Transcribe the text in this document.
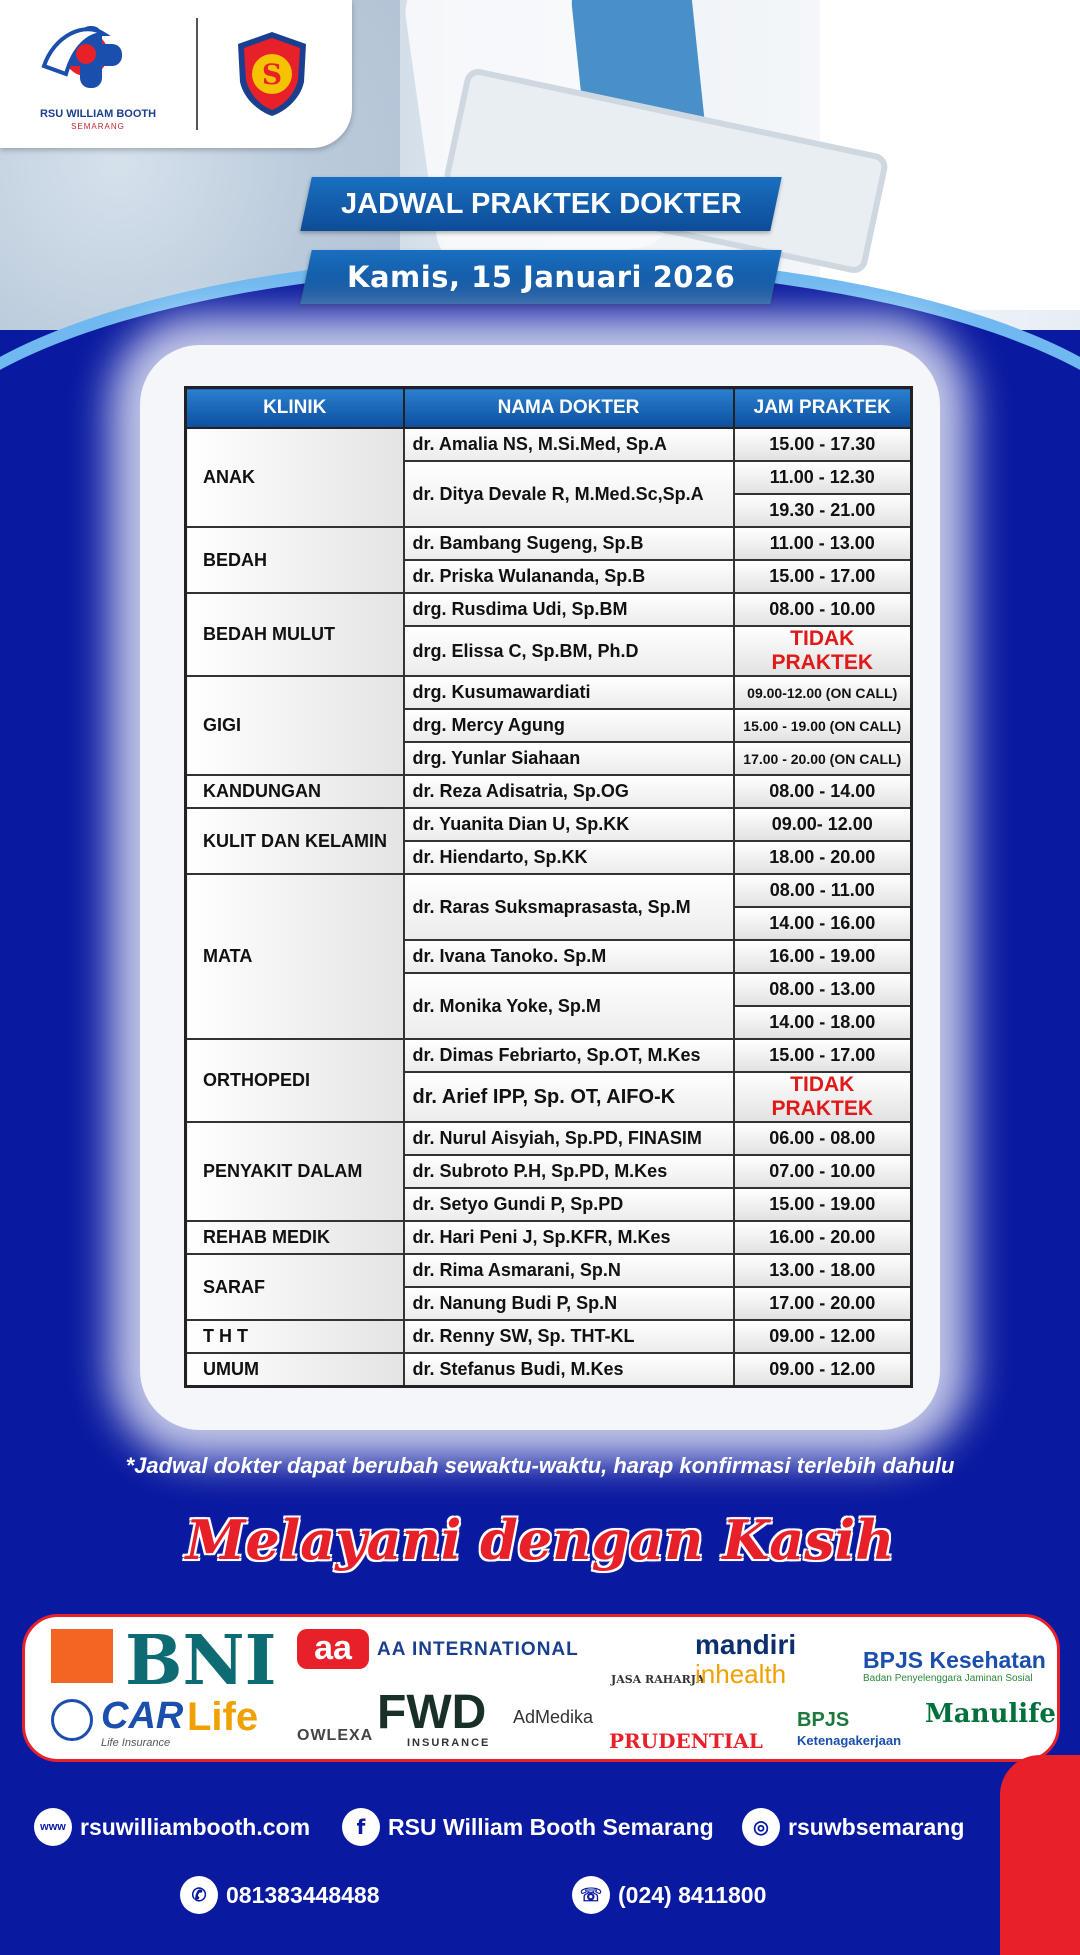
RSU WILLIAM BOOTH
SEMARANG
S
JADWAL PRAKTEK DOKTER
Kamis, 15 Januari 2026
KLINIK	NAMA DOKTER	JAM PRAKTEK
ANAK	dr. Amalia NS, M.Si.Med, Sp.A	15.00 - 17.30
	dr. Ditya Devale R, M.Med.Sc,Sp.A	11.00 - 12.30
		19.30 - 21.00
BEDAH	dr. Bambang Sugeng, Sp.B	11.00 - 13.00
	dr. Priska Wulananda, Sp.B	15.00 - 17.00
BEDAH MULUT	drg. Rusdima Udi, Sp.BM	08.00 - 10.00
	drg. Elissa C, Sp.BM, Ph.D	TIDAK PRAKTEK
GIGI	drg. Kusumawardiati	09.00-12.00 (ON CALL)
	drg. Mercy Agung	15.00 - 19.00 (ON CALL)
	drg. Yunlar Siahaan	17.00 - 20.00 (ON CALL)
KANDUNGAN	dr. Reza Adisatria, Sp.OG	08.00 - 14.00
KULIT DAN KELAMIN	dr. Yuanita Dian U, Sp.KK	09.00- 12.00
	dr. Hiendarto, Sp.KK	18.00 - 20.00
MATA	dr. Raras Suksmaprasasta, Sp.M	08.00 - 11.00
		14.00 - 16.00
	dr. Ivana Tanoko. Sp.M	16.00 - 19.00
	dr. Monika Yoke, Sp.M	08.00 - 13.00
		14.00 - 18.00
ORTHOPEDI	dr. Dimas Febriarto, Sp.OT, M.Kes	15.00 - 17.00
	dr. Arief IPP, Sp. OT, AIFO-K	TIDAK PRAKTEK
PENYAKIT DALAM	dr. Nurul Aisyiah, Sp.PD, FINASIM	06.00 - 08.00
	dr. Subroto P.H, Sp.PD, M.Kes	07.00 - 10.00
	dr. Setyo Gundi P, Sp.PD	15.00 - 19.00
REHAB MEDIK	dr. Hari Peni J, Sp.KFR, M.Kes	16.00 - 20.00
SARAF	dr. Rima Asmarani, Sp.N	13.00 - 18.00
	dr. Nanung Budi P, Sp.N	17.00 - 20.00
T H T	dr. Renny SW, Sp. THT-KL	09.00 - 12.00
UMUM	dr. Stefanus Budi, M.Kes	09.00 - 12.00
*Jadwal dokter dapat berubah sewaktu-waktu, harap konfirmasi terlebih dahulu
Melayani dengan Kasih
BNI	aa	AA INTERNATIONAL
JASA RAHARJA
mandiri
inhealth	BPJS Kesehatan
Badan Penyelenggara Jaminan Sosial
CAR Life
Life Insurance	OWLEXA FWD
INSURANCE
AdMedika
PRUDENTIAL
BPJS
Ketenagakerjaan
Manulife
www rsuwilliambooth.com	f RSU William Booth Semarang	◎ rsuwbsemarang
✆ 081383448488	☏ (024) 8411800
